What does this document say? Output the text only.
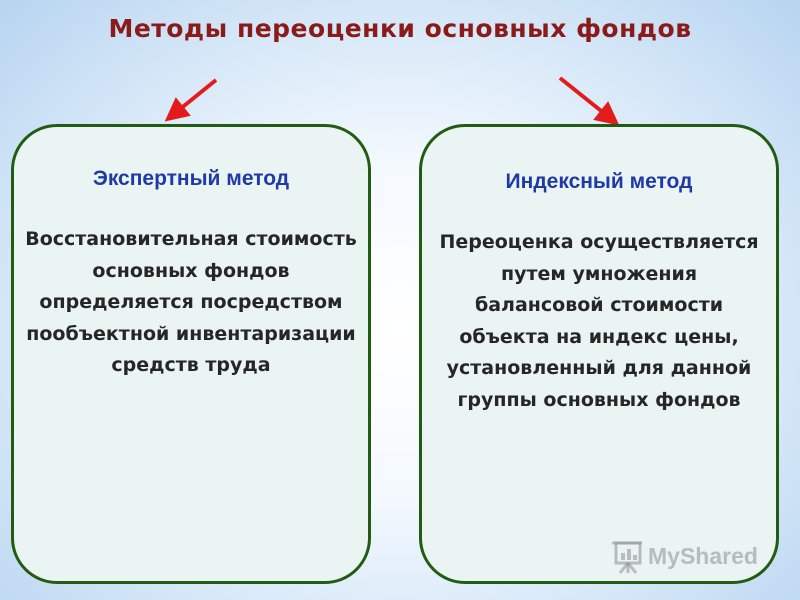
Методы переоценки основных фондов
Экспертный метод
Восстановительная стоимость основных фондов определяется посредством пообъектной инвентаризации средств труда
Индексный метод
Переоценка осуществляется путем умножения балансовой стоимости объекта на индекс цены, установленный для данной группы основных фондов
MyShared
